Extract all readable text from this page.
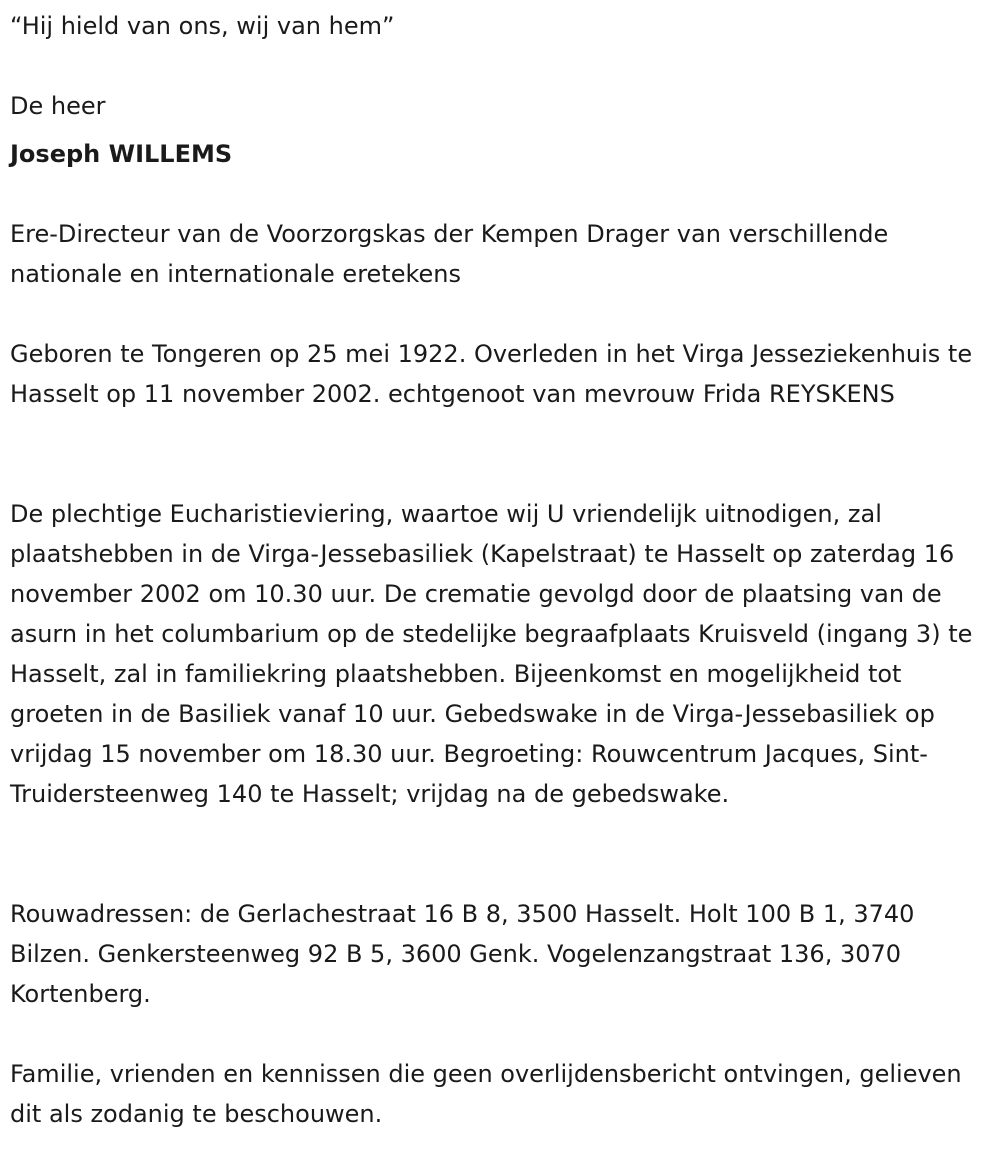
“Hij hield van ons, wij van hem”

De heer

Joseph WILLEMS

Ere-Directeur van de Voorzorgskas der Kempen Drager van verschillende nationale en internationale eretekens

Geboren te Tongeren op 25 mei 1922. Overleden in het Virga Jesseziekenhuis te Hasselt op 11 november 2002. echtgenoot van mevrouw Frida REYSKENS

De plechtige Eucharistieviering, waartoe wij U vriendelijk uitnodigen, zal plaatshebben in de Virga-Jessebasiliek (Kapelstraat) te Hasselt op zaterdag 16 november 2002 om 10.30 uur. De crematie gevolgd door de plaatsing van de asurn in het columbarium op de stedelijke begraafplaats Kruisveld (ingang 3) te Hasselt, zal in familiekring plaatshebben. Bijeenkomst en mogelijkheid tot groeten in de Basiliek vanaf 10 uur. Gebedswake in de Virga-Jessebasiliek op vrijdag 15 november om 18.30 uur. Begroeting: Rouwcentrum Jacques, Sint-Truidersteenweg 140 te Hasselt; vrijdag na de gebedswake.

Rouwadressen: de Gerlachestraat 16 B 8, 3500 Hasselt. Holt 100 B 1, 3740 Bilzen. Genkersteenweg 92 B 5, 3600 Genk. Vogelenzangstraat 136, 3070 Kortenberg.

Familie, vrienden en kennissen die geen overlijdensbericht ontvingen, gelieven dit als zodanig te beschouwen.
